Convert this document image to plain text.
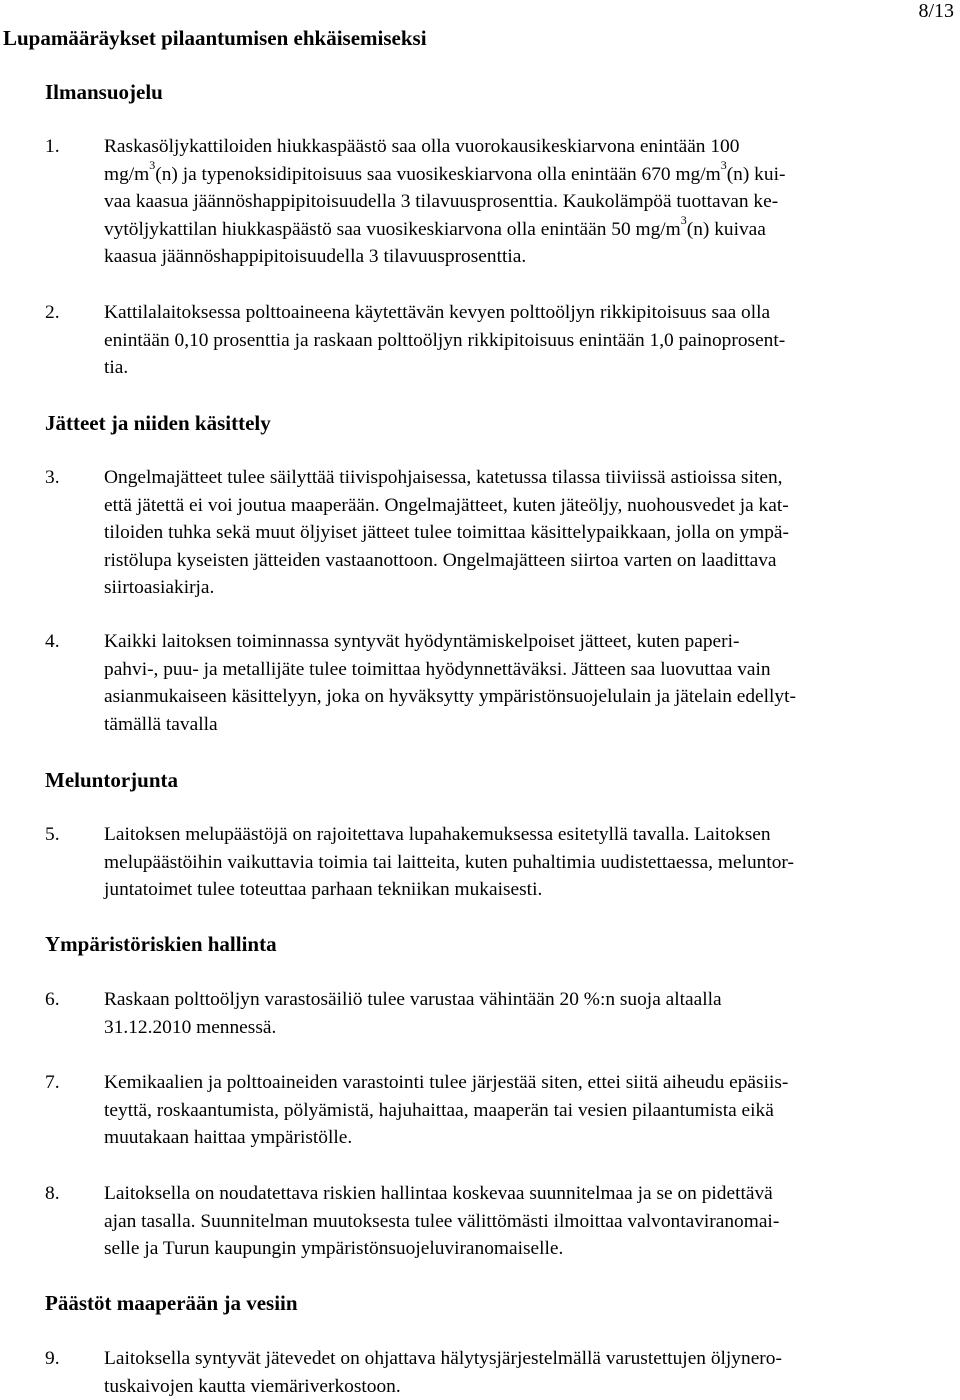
8/13
Lupamääräykset pilaantumisen ehkäisemiseksi
Ilmansuojelu
1. Raskasöljykattiloiden hiukkaspäästö saa olla vuorokausikeskiarvona enintään 100
$mg/m^3(n)$ ja typenoksidipitoisuus saa vuosikeskiarvona olla enintään 670 $mg/m^3(n)$ kui-
vaa kaasua jäännöshappipitoisuudella 3 tilavuusprosenttia. Kaukolämpöä tuottavan ke-
vytöljykattilan hiukkaspäästö saa vuosikeskiarvona olla enintään 50 $mg/m^3(n)$ kuivaa
kaasua jäännöshappipitoisuudella 3 tilavuusprosenttia.
2. Kattilalaitoksessa polttoaineena käytettävän kevyen polttoöljyn rikkipitoisuus saa olla
enintään 0,10 prosenttia ja raskaan polttoöljyn rikkipitoisuus enintään 1,0 painoprosent-
tia.
Jätteet ja niiden käsittely
3. Ongelmajätteet tulee säilyttää tiivispohjaisessa, katetussa tilassa tiiviissä astioissa siten,
että jätettä ei voi joutua maaperään. Ongelmajätteet, kuten jäteöljy, nuohousvedet ja kat-
tiloiden tuhka sekä muut öljyiset jätteet tulee toimittaa käsittelypaikkaan, jolla on ympä-
ristölupa kyseisten jätteiden vastaanottoon. Ongelmajätteen siirtoa varten on laadittava
siirtoasiakirja.
4. Kaikki laitoksen toiminnassa syntyvät hyödyntämiskelpoiset jätteet, kuten paperi-
pahvi-, puu- ja metallijäte tulee toimittaa hyödynnettäväksi. Jätteen saa luovuttaa vain
asianmukaiseen käsittelyyn, joka on hyväksytty ympäristönsuojelulain ja jätelain edellyt-
tämällä tavalla
Meluntorjunta
5. Laitoksen melupäästöjä on rajoitettava lupahakemuksessa esitetyllä tavalla. Laitoksen
melupäästöihin vaikuttavia toimia tai laitteita, kuten puhaltimia uudistettaessa, meluntor-
juntatoimet tulee toteuttaa parhaan tekniikan mukaisesti.
Ympäristöriskien hallinta
6. Raskaan polttoöljyn varastosäiliö tulee varustaa vähintään 20 %:n suoja altaalla
31.12.2010 mennessä.
7. Kemikaalien ja polttoaineiden varastointi tulee järjestää siten, ettei siitä aiheudu epäsiis-
teyttä, roskaantumista, pölyämistä, hajuhaittaa, maaperän tai vesien pilaantumista eikä
muutakaan haittaa ympäristölle.
8. Laitoksella on noudatettava riskien hallintaa koskevaa suunnitelmaa ja se on pidettävä
ajan tasalla. Suunnitelman muutoksesta tulee välittömästi ilmoittaa valvontaviranomai-
selle ja Turun kaupungin ympäristönsuojeluviranomaiselle.
Päästöt maaperään ja vesiin
9. Laitoksella syntyvät jätevedet on ohjattava hälytysjärjestelmällä varustettujen öljynero-
tuskaivojen kautta viemäriverkostoon.
